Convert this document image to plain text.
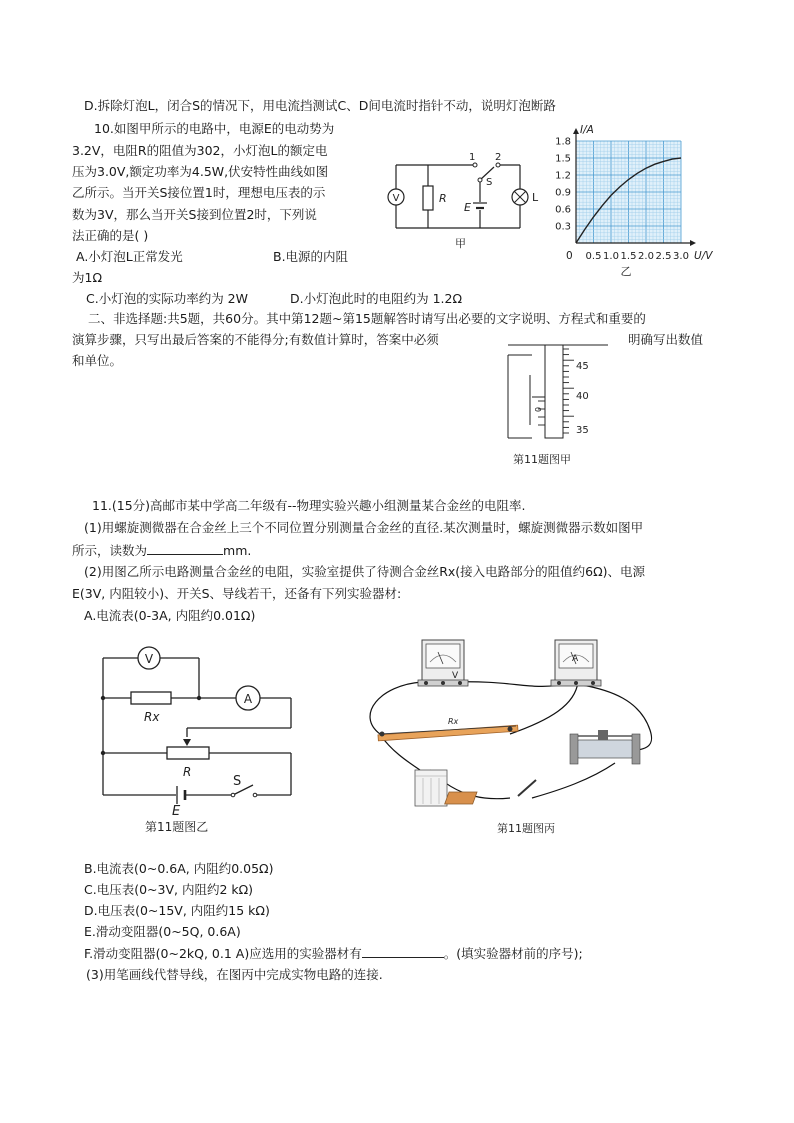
D.拆除灯泡L，闭合S的情况下，用电流挡测试C、D间电流时指针不动，说明灯泡断路
10.如图甲所示的电路中，电源E的电动势为
3.2V，电阻R的阻值为302，小灯泡L的额定电
压为3.0V,额定功率为4.5W,伏安特性曲线如图
乙所示。当开关S接位置1时，理想电压表的示
数为3V，那么当开关S接到位置2时，下列说
法正确的是( )
A.小灯泡L正常发光	B.电源的内阻
为1Ω
C.小灯泡的实际功率约为 2W	D.小灯泡此时的电阻约为 1.2Ω
V	R
1 2
S
E
L
甲
0.5 1.0 1.5 2.0 2.5 3.0
0.3
0.6
0.9
1.2
1.5
1.8
I/A
U/V
0
乙
二、非选择题:共5题，共60分。其中第12题~第15题解答时请写出必要的文字说明、方程式和重要的
演算步骤，只写出最后答案的不能得分;有数值计算时，答案中必须	明确写出数值
和单位。	45
40
35
0
第11题图甲
11.(15分)高邮市某中学高二年级有--物理实验兴趣小组测量某合金丝的电阻率.
(1)用螺旋测微器在合金丝上三个不同位置分别测量合金丝的直径.某次测量时，螺旋测微器示数如图甲
所示，读数为	mm.
(2)用图乙所示电路测量合金丝的电阻，实验室提供了待测合金丝Rx(接入电路部分的阻值约6Ω)、电源
E(3V, 内阻较小)、开关S、导线若干，还备有下列实验器材:
A.电流表(0-3A, 内阻约0.01Ω)
V
Rx
A
R
E
S
第11题图乙
V
A
Rx
第11题图丙
B.电流表(0~0.6A, 内阻约0.05Ω)
C.电压表(0~3V, 内阻约2 kΩ)
D.电压表(0~15V, 内阻约15 kΩ)
E.滑动变阻器(0~5Q, 0.6A)
F.滑动变阻器(0~2kQ, 0.1 A)应选用的实验器材有	。(填实验器材前的序号);
(3)用笔画线代替导线，在图丙中完成实物电路的连接.
